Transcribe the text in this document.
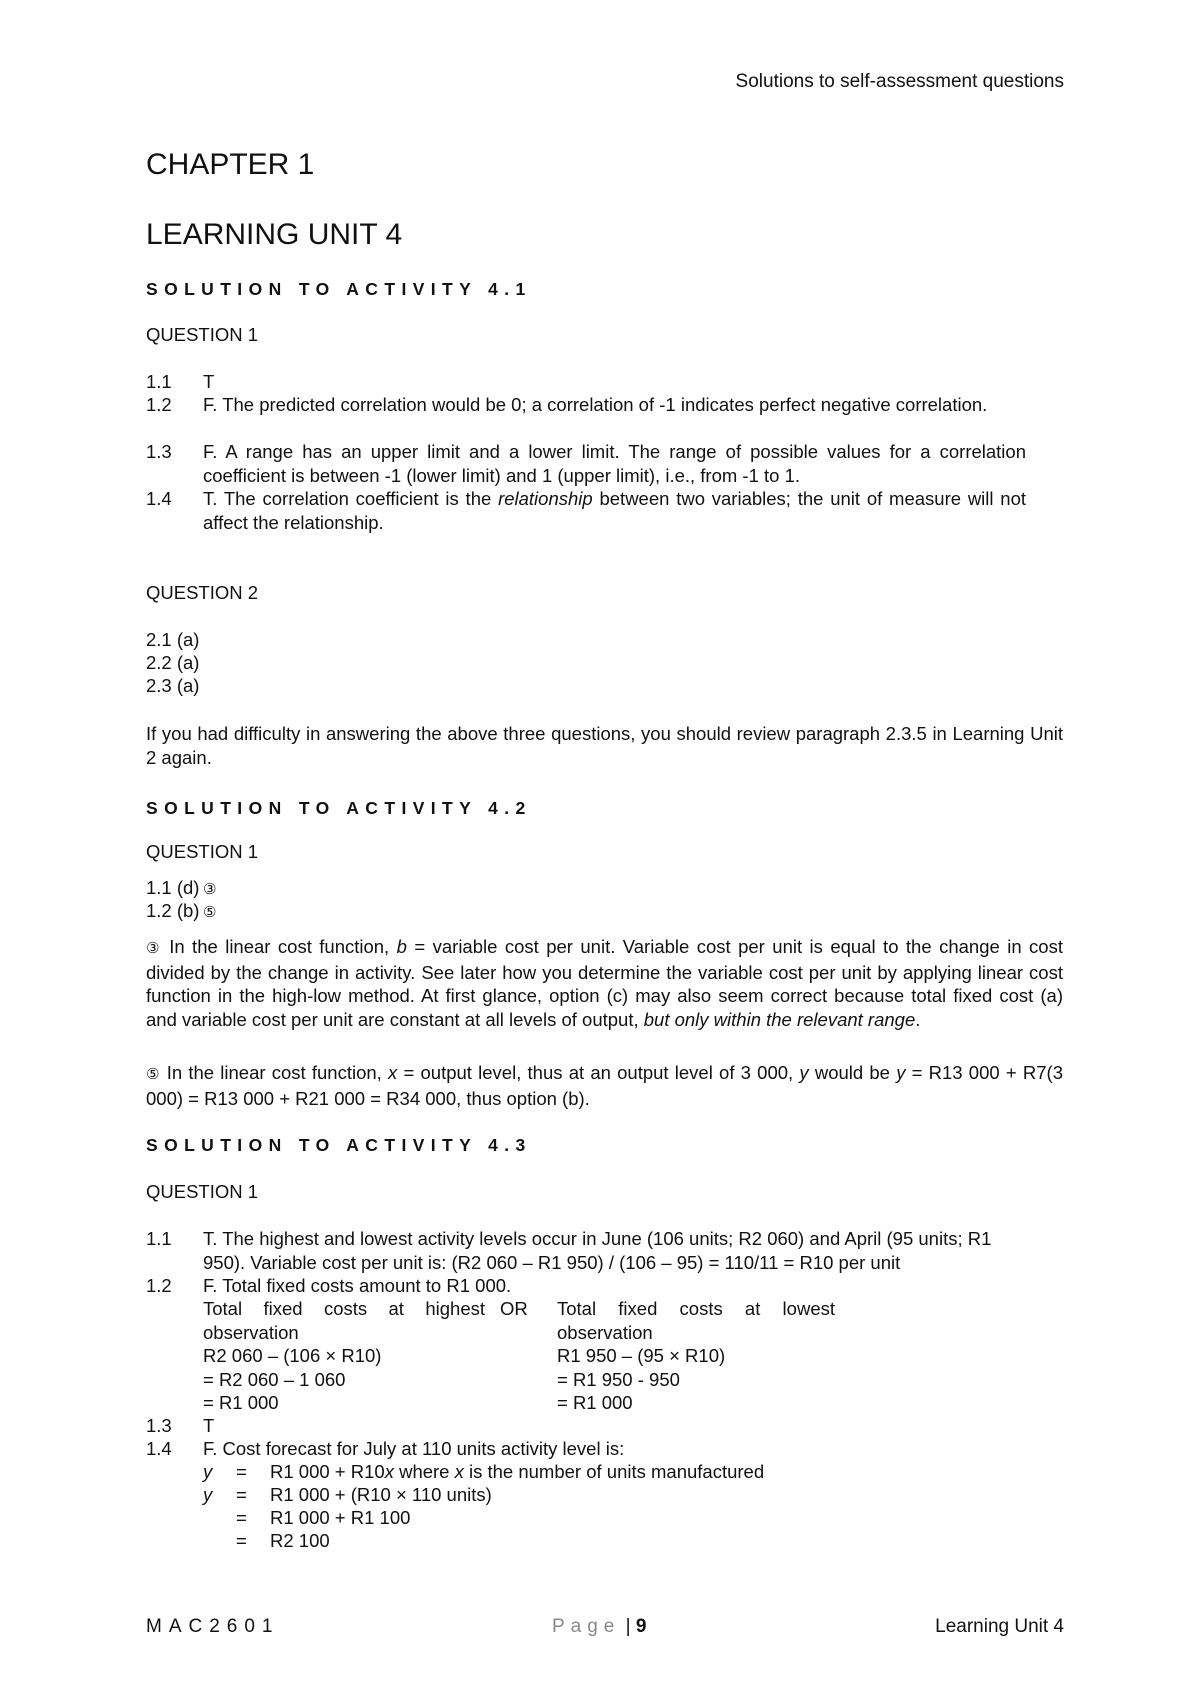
Solutions to self-assessment questions
CHAPTER 1
LEARNING UNIT 4
SOLUTION TO ACTIVITY 4.1
QUESTION 1
1.1 T
1.2 F. The predicted correlation would be 0; a correlation of -1 indicates perfect negative correlation.
1.3 F. A range has an upper limit and a lower limit. The range of possible values for a correlation coefficient is between -1 (lower limit) and 1 (upper limit), i.e., from -1 to 1.
1.4 T. The correlation coefficient is the relationship between two variables; the unit of measure will not affect the relationship.
QUESTION 2
2.1 (a)
2.2 (a)
2.3 (a)
If you had difficulty in answering the above three questions, you should review paragraph 2.3.5 in Learning Unit 2 again.
SOLUTION TO ACTIVITY 4.2
QUESTION 1
1.1 (d) ③
1.2 (b) ⑤
③ In the linear cost function, b = variable cost per unit. Variable cost per unit is equal to the change in cost divided by the change in activity. See later how you determine the variable cost per unit by applying linear cost function in the high-low method. At first glance, option (c) may also seem correct because total fixed cost (a) and variable cost per unit are constant at all levels of output, but only within the relevant range.
⑤ In the linear cost function, x = output level, thus at an output level of 3 000, y would be y = R13 000 + R7(3 000) = R13 000 + R21 000 = R34 000, thus option (b).
SOLUTION TO ACTIVITY 4.3
QUESTION 1
1.1 T. The highest and lowest activity levels occur in June (106 units; R2 060) and April (95 units; R1 950). Variable cost per unit is: (R2 060 – R1 950) / (106 – 95) = 110/11 = R10 per unit
1.2 F. Total fixed costs amount to R1 000.
Total fixed costs at highest
observation
R2 060 – (106 × R10)
= R2 060 – 1 060
= R1 000
OR Total fixed costs at lowest
observation
R1 950 – (95 × R10)
= R1 950 - 950
= R1 000
1.3 T
1.4 F. Cost forecast for July at 110 units activity level is:
y = R1 000 + R10x where x is the number of units manufactured
y = R1 000 + (R10 × 110 units)
= R1 000 + R1 100
= R2 100
MAC2601	Page | 9	Learning Unit 4
